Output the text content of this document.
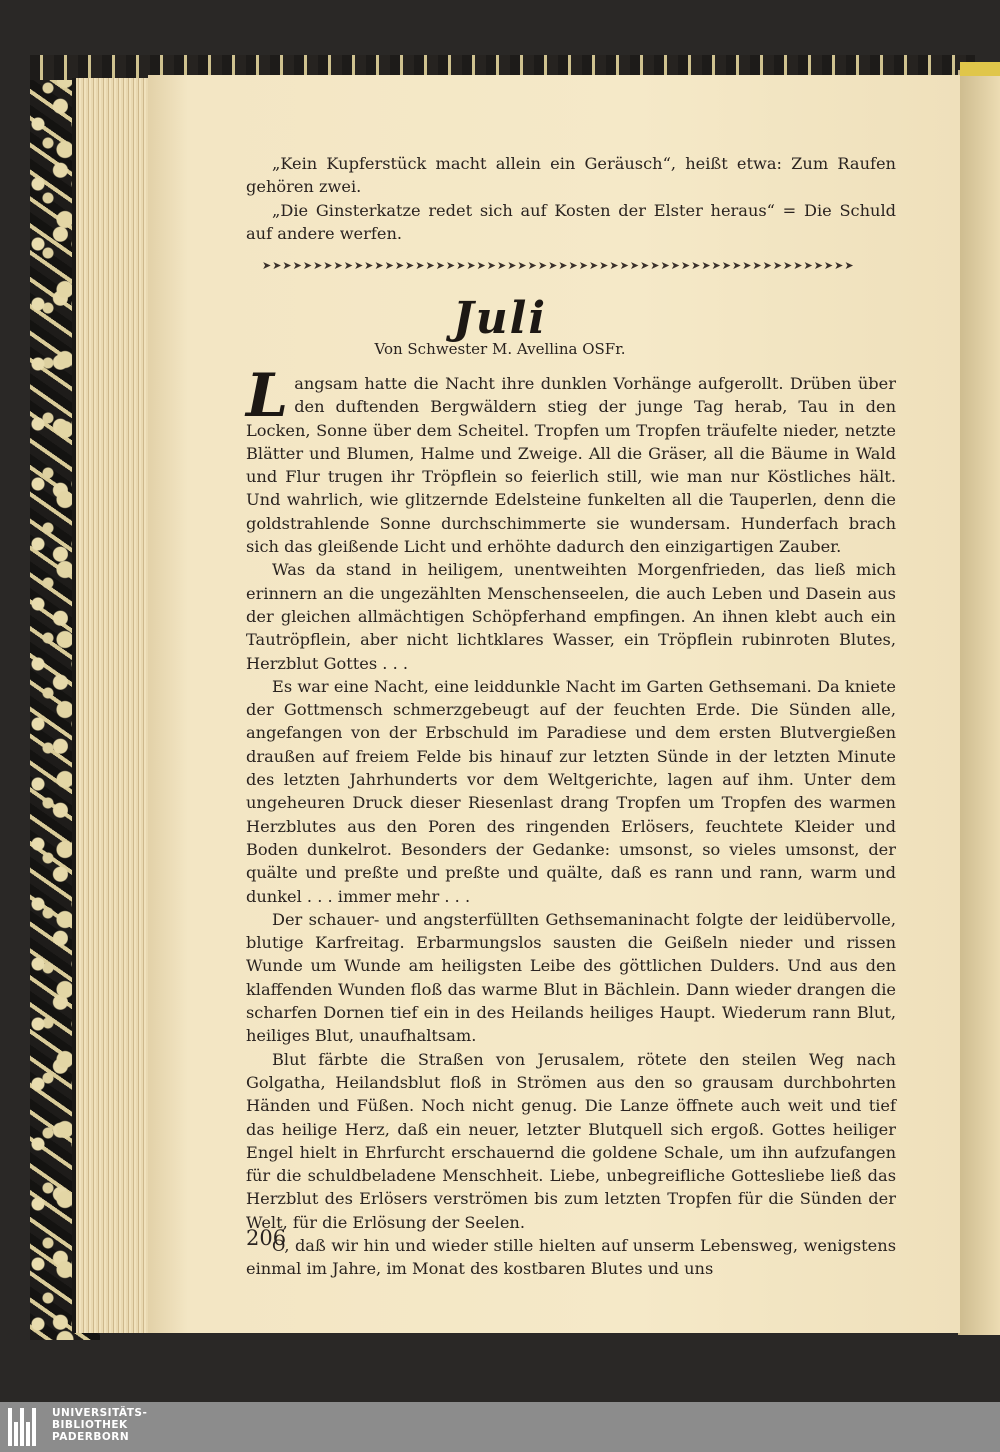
„Kein Kupferstück macht allein ein Geräusch“, heißt etwa: Zum Raufen gehören zwei.

„Die Ginsterkatze redet sich auf Kosten der Elster heraus“ = Die Schuld auf andere werfen.

➤➤➤➤➤➤➤➤➤➤➤➤➤➤➤➤➤➤➤➤➤➤➤➤➤➤➤➤➤➤➤➤➤➤➤➤➤➤➤➤➤➤➤➤➤➤➤➤➤➤➤➤➤➤➤➤➤➤
Juli
Von Schwester M. Avellina OSFr.

Langsam hatte die Nacht ihre dunklen Vorhänge aufgerollt. Drüben über den duftenden Bergwäldern stieg der junge Tag herab, Tau in den Locken, Sonne über dem Scheitel. Tropfen um Tropfen träufelte nieder, netzte Blätter und Blumen, Halme und Zweige. All die Gräser, all die Bäume in Wald und Flur trugen ihr Tröpflein so feierlich still, wie man nur Köstliches hält. Und wahrlich, wie glitzernde Edelsteine funkelten all die Tauperlen, denn die goldstrahlende Sonne durchschimmerte sie wundersam. Hunderfach brach sich das gleißende Licht und erhöhte dadurch den einzigartigen Zauber.

Was da stand in heiligem, unentweihten Morgenfrieden, das ließ mich erinnern an die ungezählten Menschenseelen, die auch Leben und Dasein aus der gleichen allmächtigen Schöpferhand empfingen. An ihnen klebt auch ein Tautröpflein, aber nicht lichtklares Wasser, ein Tröpflein rubinroten Blutes, Herzblut Gottes . . .

Es war eine Nacht, eine leiddunkle Nacht im Garten Gethsemani. Da kniete der Gottmensch schmerzgebeugt auf der feuchten Erde. Die Sünden alle, angefangen von der Erbschuld im Paradiese und dem ersten Blutvergießen draußen auf freiem Felde bis hinauf zur letzten Sünde in der letzten Minute des letzten Jahrhunderts vor dem Weltgerichte, lagen auf ihm. Unter dem ungeheuren Druck dieser Riesenlast drang Tropfen um Tropfen des warmen Herzblutes aus den Poren des ringenden Erlösers, feuchtete Kleider und Boden dunkelrot. Besonders der Gedanke: umsonst, so vieles umsonst, der quälte und preßte und preßte und quälte, daß es rann und rann, warm und dunkel . . . immer mehr . . .

Der schauer- und angsterfüllten Gethsemaninacht folgte der leidübervolle, blutige Karfreitag. Erbarmungslos sausten die Geißeln nieder und rissen Wunde um Wunde am heiligsten Leibe des göttlichen Dulders. Und aus den klaffenden Wunden floß das warme Blut in Bächlein. Dann wieder drangen die scharfen Dornen tief ein in des Heilands heiliges Haupt. Wiederum rann Blut, heiliges Blut, unaufhaltsam.

Blut färbte die Straßen von Jerusalem, rötete den steilen Weg nach Golgatha, Heilandsblut floß in Strömen aus den so grausam durchbohrten Händen und Füßen. Noch nicht genug. Die Lanze öffnete auch weit und tief das heilige Herz, daß ein neuer, letzter Blutquell sich ergoß. Gottes heiliger Engel hielt in Ehrfurcht erschauernd die goldene Schale, um ihn aufzufangen für die schuldbeladene Menschheit. Liebe, unbegreifliche Gottesliebe ließ das Herzblut des Erlösers verströmen bis zum letzten Tropfen für die Sünden der Welt, für die Erlösung der Seelen.

O, daß wir hin und wieder stille hielten auf unserm Lebensweg, wenigstens einmal im Jahre, im Monat des kostbaren Blutes und uns

206
UNIVERSITÄTS-
BIBLIOTHEK
PADERBORN
